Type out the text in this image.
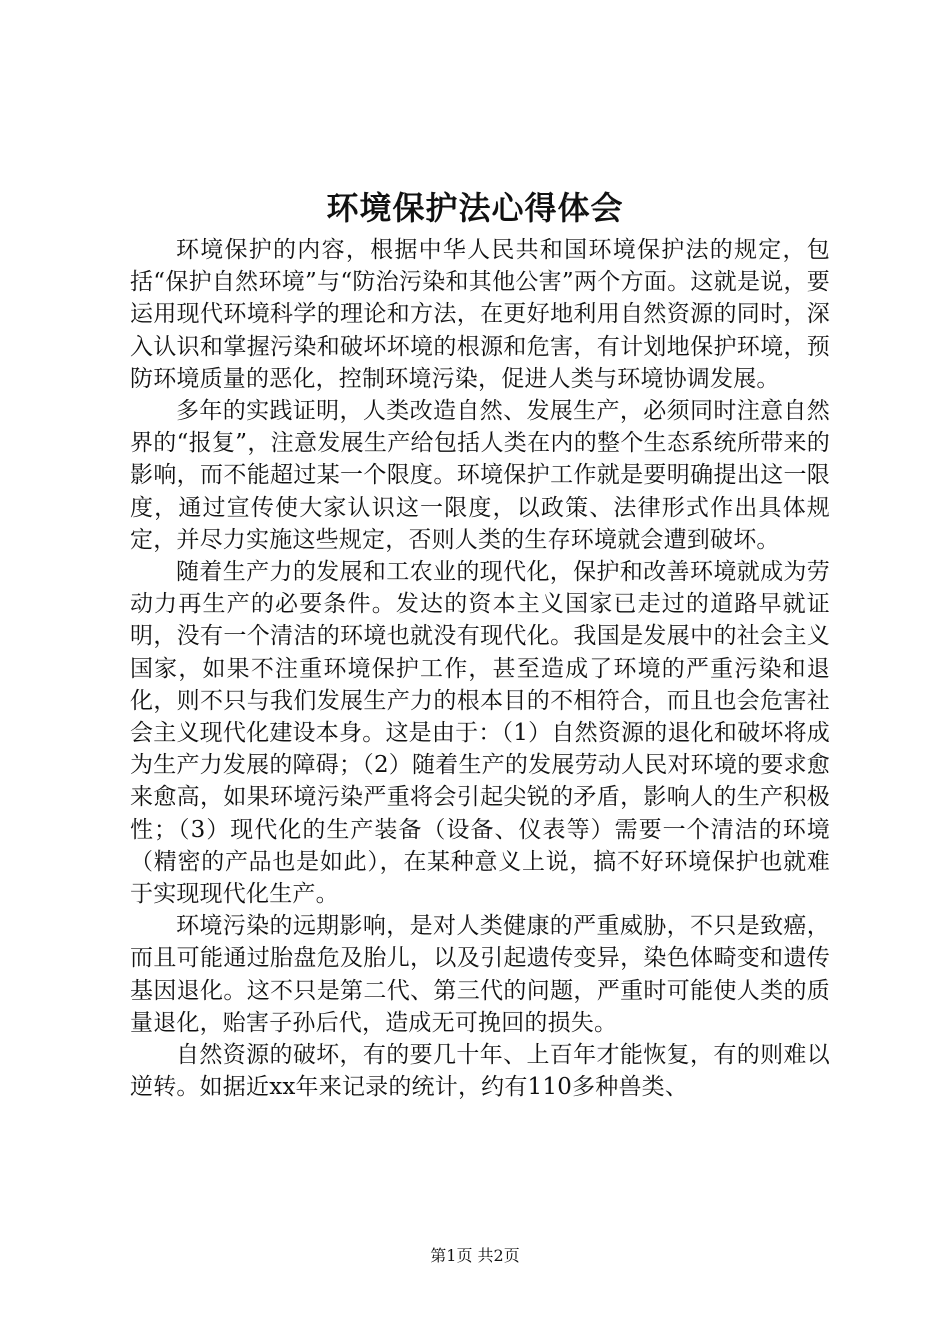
环境保护法心得体会

环境保护的内容，根据中华人民共和国环境保护法的规定，包括“保护自然环境”与“防治污染和其他公害”两个方面。这就是说，要运用现代环境科学的理论和方法，在更好地利用自然资源的同时，深入认识和掌握污染和破坏坏境的根源和危害，有计划地保护环境，预防环境质量的恶化，控制环境污染，促进人类与环境协调发展。

多年的实践证明，人类改造自然、发展生产，必须同时注意自然界的“报复”，注意发展生产给包括人类在内的整个生态系统所带来的影响，而不能超过某一个限度。环境保护工作就是要明确提出这一限度，通过宣传使大家认识这一限度，以政策、法律形式作出具体规定，并尽力实施这些规定，否则人类的生存环境就会遭到破坏。

随着生产力的发展和工农业的现代化，保护和改善环境就成为劳动力再生产的必要条件。发达的资本主义国家已走过的道路早就证明，没有一个清洁的环境也就没有现代化。我国是发展中的社会主义国家，如果不注重环境保护工作，甚至造成了环境的严重污染和退化，则不只与我们发展生产力的根本目的不相符合，而且也会危害社会主义现代化建设本身。这是由于：（1）自然资源的退化和破坏将成为生产力发展的障碍；（2）随着生产的发展劳动人民对环境的要求愈来愈高，如果环境污染严重将会引起尖锐的矛盾，影响人的生产积极性；（3）现代化的生产装备（设备、仪表等）需要一个清洁的环境（精密的产品也是如此），在某种意义上说，搞不好环境保护也就难于实现现代化生产。

环境污染的远期影响，是对人类健康的严重威胁，不只是致癌，而且可能通过胎盘危及胎儿，以及引起遗传变异，染色体畸变和遗传基因退化。这不只是第二代、第三代的问题，严重时可能使人类的质量退化，贻害子孙后代，造成无可挽回的损失。

自然资源的破坏，有的要几十年、上百年才能恢复，有的则难以逆转。如据近xx年来记录的统计，约有110多种兽类、

第1页 共2页
